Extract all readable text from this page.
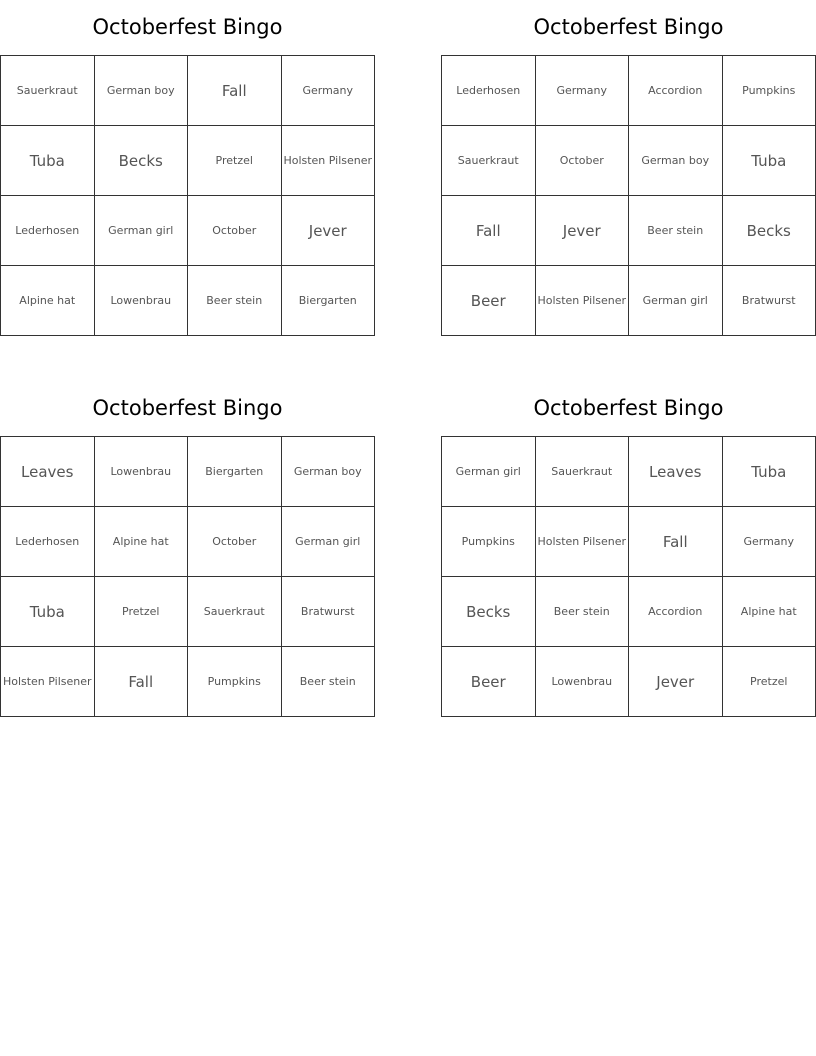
Octoberfest Bingo
Sauerkraut	German boy	Fall	Germany
Tuba	Becks	Pretzel	Holsten Pilsener
Lederhosen	German girl	October	Jever
Alpine hat	Lowenbrau	Beer stein	Biergarten
Octoberfest Bingo
Lederhosen	Germany	Accordion	Pumpkins
Sauerkraut	October	German boy	Tuba
Fall	Jever	Beer stein	Becks
Beer	Holsten Pilsener	German girl	Bratwurst
Octoberfest Bingo
Leaves	Lowenbrau	Biergarten	German boy
Lederhosen	Alpine hat	October	German girl
Tuba	Pretzel	Sauerkraut	Bratwurst
Holsten Pilsener	Fall	Pumpkins	Beer stein
Octoberfest Bingo
German girl	Sauerkraut	Leaves	Tuba
Pumpkins	Holsten Pilsener	Fall	Germany
Becks	Beer stein	Accordion	Alpine hat
Beer	Lowenbrau	Jever	Pretzel
